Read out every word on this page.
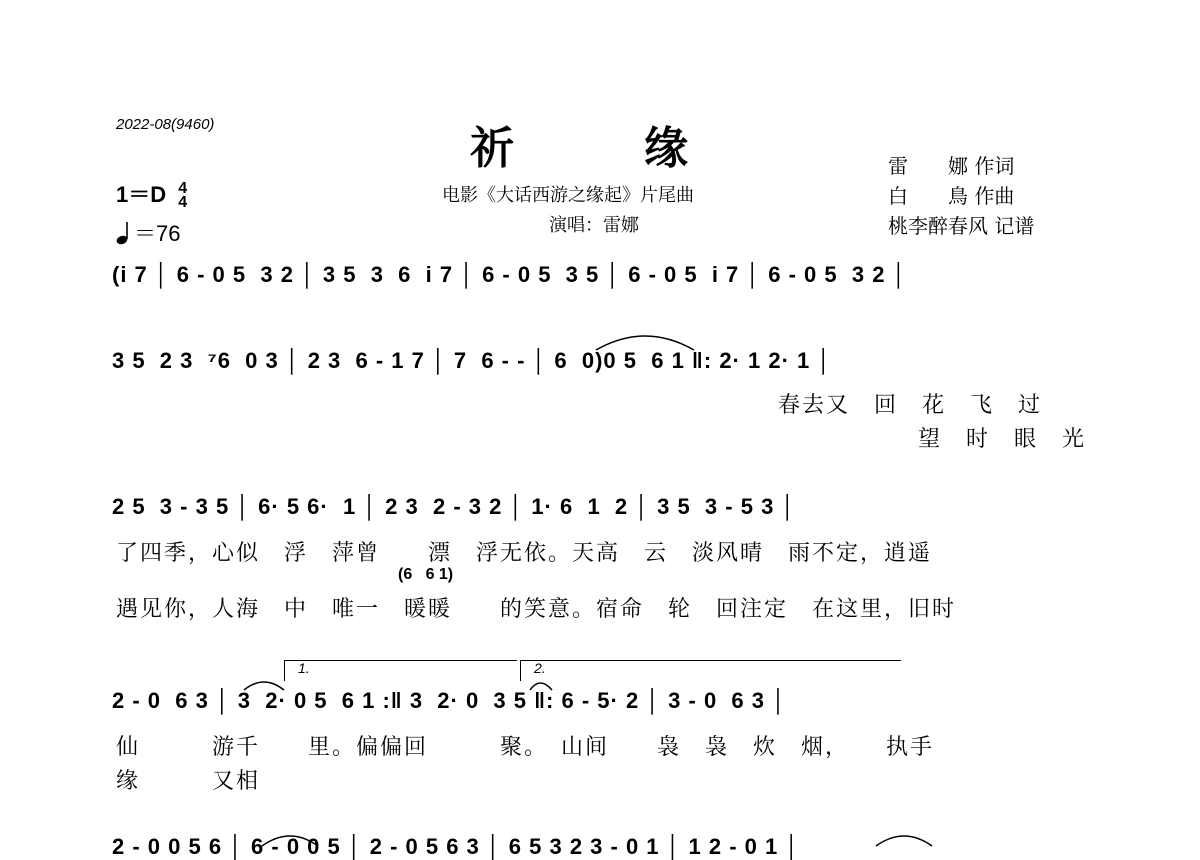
2022-08(9460)	祈缘
电影《大话西游之缘起》片尾曲
演唱：雷娜
雷　　娜 作词
白　　鳥 作曲
桃李醉春风 记谱
1＝D 4
4
＝76
(i 7 │ 6 - 0 5  3 2 │ 3 5  3  6  i 7 │ 6 - 0 5  3 5 │ 6 - 0 5  i 7 │ 6 - 0 5  3 2 │
3 5  2 3  ⁷6  0 3 │ 2 3  6 - 1 7 │ 7  6 - - │ 6  0)0 5  6 1 ‖: 2· 1 2· 1 │
春去又　回　花　飞　过
望　时　眼　光
2 5  3 - 3 5 │ 6· 5 6·  1 │ 2 3  2 - 3 2 │ 1· 6  1  2 │ 3 5  3 - 5 3 │
了四季，心似　浮　萍曾　　漂　浮无依。天高　云　淡风晴　雨不定，逍遥
(6   6 1)
遇见你，人海　中　唯一　暖暖　　的笑意。宿命　轮　回注定　在这里，旧时
1.	2.
2 - 0  6 3 │ 3  2· 0 5  6 1 :‖ 3  2· 0  3 5 ‖: 6 - 5· 2 │ 3 - 0  6 3 │
仙　　　游千　　里。偏偏回　　　聚。　山间　　袅　袅　炊　烟，　　执手
缘　　　又相
2 - 0 0 5 6 │ 6 - 0 0 5 │ 2 - 0 5 6 3 │ 6 5 3 2 3 - 0 1 │ 1 2 - 0 1 │
